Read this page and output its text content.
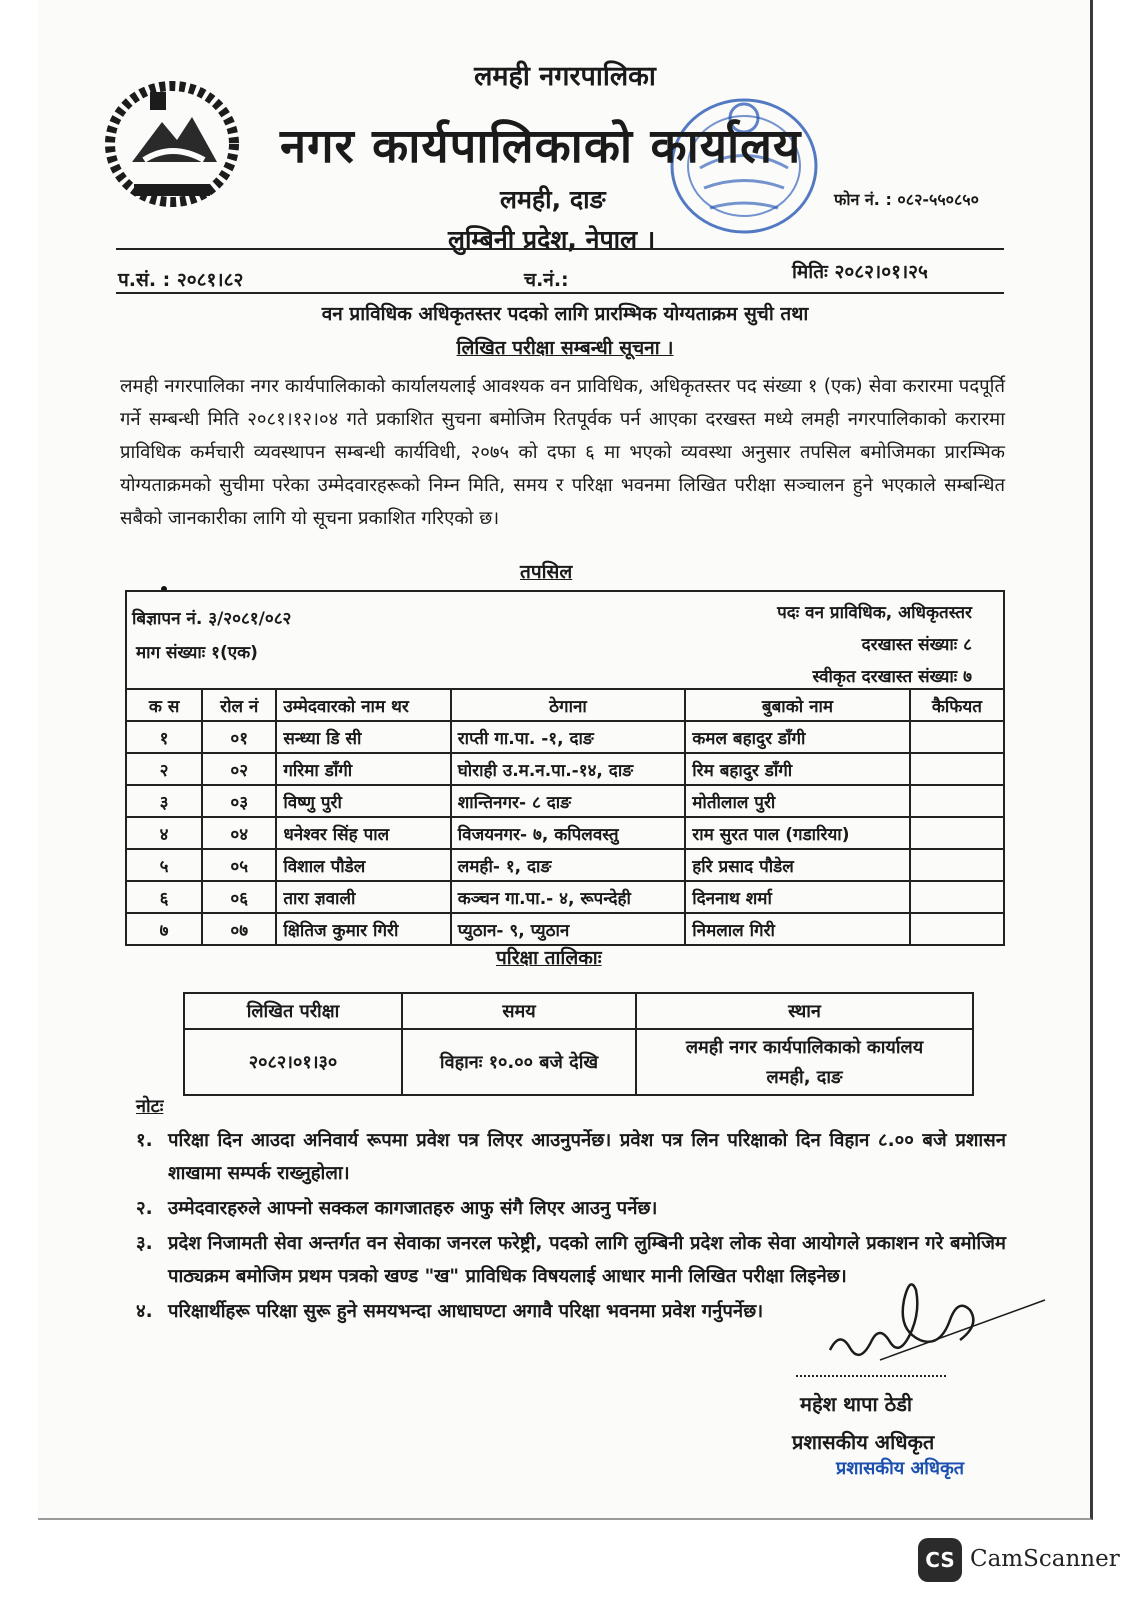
लमही नगरपालिका
नगर कार्यपालिकाको कार्यालय
लमही, दाङ
लुम्बिनी प्रदेश, नेपाल ।
फोन नं. : ०८२-५५०८५०
प.सं. : २०८१।८२	च.नं.:	मितिः २०८२।०१।२५
वन प्राविधिक अधिकृतस्तर पदको लागि प्रारम्भिक योग्यताक्रम सुची तथा
लिखित परीक्षा सम्बन्धी सूचना ।
लमही नगरपालिका नगर कार्यपालिकाको कार्यालयलाई आवश्यक वन प्राविधिक, अधिकृतस्तर पद संख्या १ (एक) सेवा करारमा पदपूर्ति गर्ने सम्बन्धी मिति २०८१।१२।०४ गते प्रकाशित सुचना बमोजिम रितपूर्वक पर्न आएका दरखस्त मध्ये लमही नगरपालिकाको करारमा प्राविधिक कर्मचारी व्यवस्थापन सम्बन्धी कार्यविधी, २०७५ को दफा ६ मा भएको व्यवस्था अनुसार तपसिल बमोजिमका प्रारम्भिक योग्यताक्रमको सुचीमा परेका उम्मेदवारहरूको निम्न मिति, समय र परिक्षा भवनमा लिखित परीक्षा सञ्चालन हुने भएकाले सम्बन्धित सबैको जानकारीका लागि यो सूचना प्रकाशित गरिएको छ।
तपसिल
बिज्ञापन नं. ३/२०८१/०८२
माग संख्याः १(एक)
पदः वन प्राविधिक, अधिकृतस्तर
दरखास्त संख्याः ८
स्वीकृत दरखास्त संख्याः ७
क स	रोल नं	उम्मेदवारको नाम थर	ठेगाना	बुबाको नाम	कैफियत
१	०१	सन्ध्या डि सी	राप्ती गा.पा. -१, दाङ	कमल बहादुर डाँगी	
२	०२	गरिमा डाँगी	घोराही उ.म.न.पा.-१४, दाङ	रिम बहादुर डाँगी	
३	०३	विष्णु पुरी	शान्तिनगर- ८ दाङ	मोतीलाल पुरी	
४	०४	धनेश्वर सिंह पाल	विजयनगर- ७, कपिलवस्तु	राम सुरत पाल (गडारिया)	
५	०५	विशाल पौडेल	लमही- १, दाङ	हरि प्रसाद पौडेल	
६	०६	तारा ज्ञवाली	कञ्चन गा.पा.- ४, रूपन्देही	दिननाथ शर्मा	
७	०७	क्षितिज कुमार गिरी	प्युठान- ९, प्युठान	निमलाल गिरी	
परिक्षा तालिकाः
लिखित परीक्षा	समय	स्थान
२०८२।०१।३०	विहानः १०.०० बजे देखि	लमही नगर कार्यपालिकाको कार्यालय
लमही, दाङ
नोटः
१. परिक्षा दिन आउदा अनिवार्य रूपमा प्रवेश पत्र लिएर आउनुपर्नेछ। प्रवेश पत्र लिन परिक्षाको दिन विहान ८.०० बजे प्रशासन शाखामा सम्पर्क राख्नुहोला।
२. उम्मेदवारहरुले आफ्नो सक्कल कागजातहरु आफु संगै लिएर आउनु पर्नेछ।
३. प्रदेश निजामती सेवा अन्तर्गत वन सेवाका जनरल फरेष्ट्री, पदको लागि लुम्बिनी प्रदेश लोक सेवा आयोगले प्रकाशन गरे बमोजिम पाठ्यक्रम बमोजिम प्रथम पत्रको खण्ड "ख" प्राविधिक विषयलाई आधार मानी लिखित परीक्षा लिइनेछ।
४. परिक्षार्थीहरू परिक्षा सुरू हुने समयभन्दा आधाघण्टा अगावै परिक्षा भवनमा प्रवेश गर्नुपर्नेछ।
महेश थापा ठेडी
प्रशासकीय अधिकृत
प्रशासकीय अधिकृत
CS CamScanner
